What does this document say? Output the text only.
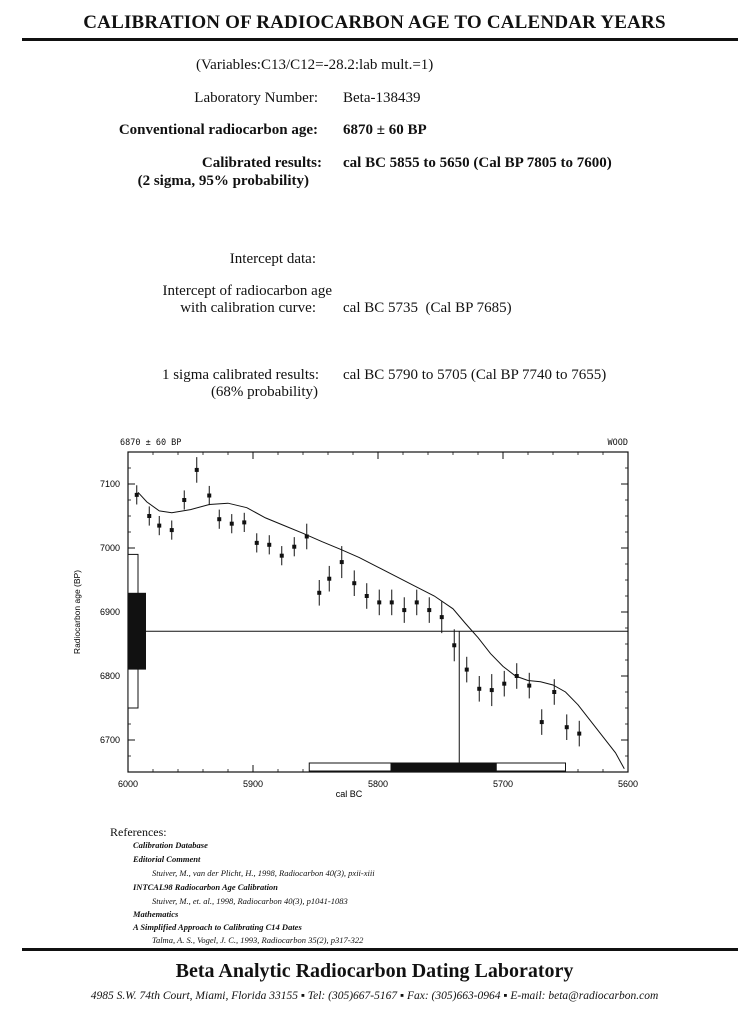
CALIBRATION OF RADIOCARBON AGE TO CALENDAR YEARS
(Variables:C13/C12=-28.2:lab mult.=1)
Laboratory Number: Beta-138439
Conventional radiocarbon age: 6870 ± 60 BP
Calibrated results:
(2 sigma, 95% probability)
cal BC 5855 to 5650 (Cal BP 7805 to 7600)
Intercept data:
Intercept of radiocarbon age
with calibration curve: cal BC 5735  (Cal BP 7685)
1 sigma calibrated results:
(68% probability)
cal BC 5790 to 5705 (Cal BP 7740 to 7655)
6870 ± 60 BP	WOOD
7100
7000
6900
6800
6700
6000	5900	5800	5700	5600
cal BC
Radiocarbon age (BP)
References:
Calibration Database
Editorial Comment
Stuiver, M., van der Plicht, H., 1998, Radiocarbon 40(3), pxii-xiii
INTCAL98 Radiocarbon Age Calibration
Stuiver, M., et. al., 1998, Radiocarbon 40(3), p1041-1083
Mathematics
A Simplified Approach to Calibrating C14 Dates
Talma, A. S., Vogel, J. C., 1993, Radiocarbon 35(2), p317-322
Beta Analytic Radiocarbon Dating Laboratory
4985 S.W. 74th Court, Miami, Florida 33155 ▪ Tel: (305)667-5167 ▪ Fax: (305)663-0964 ▪ E-mail: beta@radiocarbon.com
